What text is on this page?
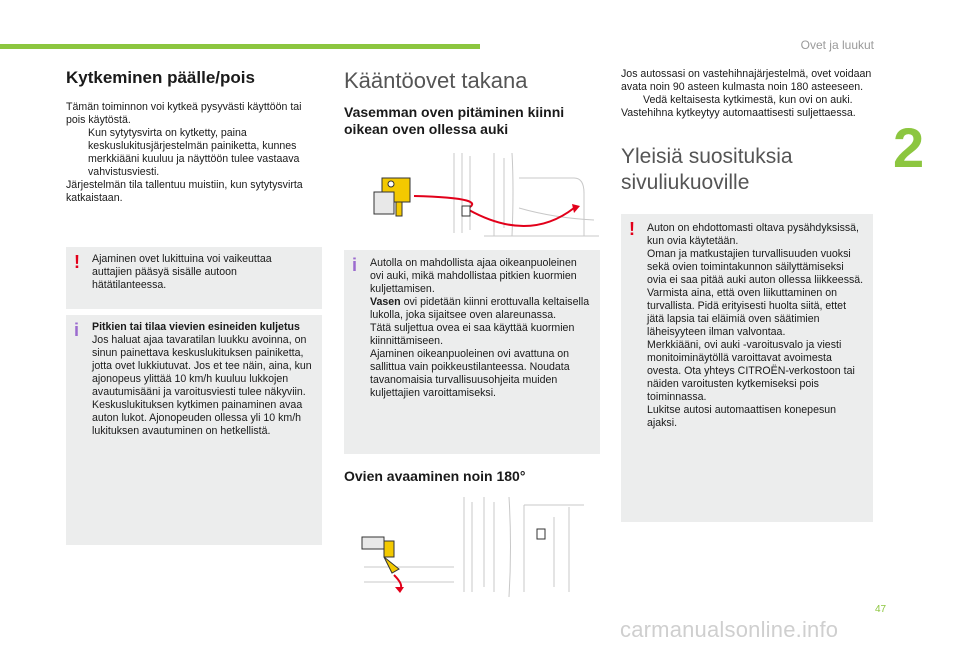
Ovet ja luukut
2
47
carmanualsonline.info
Kytkeminen päälle/pois

Tämän toiminnon voi kytkeä pysyvästi käyttöön tai pois käytöstä.

Kun sytytysvirta on kytketty, paina keskuslukitusjärjestelmän painiketta, kunnes merkkiääni kuuluu ja näyttöön tulee vastaava vahvistusviesti.

Järjestelmän tila tallentuu muistiin, kun sytytysvirta katkaistaan.

! Ajaminen ovet lukittuina voi vaikeuttaa auttajien pääsyä sisälle autoon hätätilanteessa.

i Pitkien tai tilaa vievien esineiden kuljetus

Jos haluat ajaa tavaratilan luukku avoinna, on sinun painettava keskuslukituksen painiketta, jotta ovet lukkiutuvat. Jos et tee näin, aina, kun ajonopeus ylittää 10 km/h kuuluu lukkojen avautumisääni ja varoitusviesti tulee näkyviin. Keskuslukituksen kytkimen painaminen avaa auton lukot. Ajonopeuden ollessa yli 10 km/h lukituksen avautuminen on hetkellistä.

Kääntöovet takana
Vasemman oven pitäminen kiinni oikean oven ollessa auki
i Autolla on mahdollista ajaa oikeanpuoleinen ovi auki, mikä mahdollistaa pitkien kuormien kuljettamisen.

Vasen ovi pidetään kiinni erottuvalla keltaisella lukolla, joka sijaitsee oven alareunassa.

Tätä suljettua ovea ei saa käyttää kuormien kiinnittämiseen.

Ajaminen oikeanpuoleinen ovi avattuna on sallittua vain poikkeustilanteessa. Noudata tavanomaisia turvallisuusohjeita muiden kuljettajien varoittamiseksi.

Ovien avaaminen noin 180°

Jos autossasi on vastehihnajärjestelmä, ovet voidaan avata noin 90 asteen kulmasta noin 180 asteeseen.

Vedä keltaisesta kytkimestä, kun ovi on auki.

Vastehihna kytkeytyy automaattisesti suljettaessa.

Yleisiä suosituksia sivuliukuoville
! Auton on ehdottomasti oltava pysähdyksissä, kun ovia käytetään.

Oman ja matkustajien turvallisuuden vuoksi sekä ovien toimintakunnon säilyttämiseksi ovia ei saa pitää auki auton ollessa liikkeessä.

Varmista aina, että oven liikuttaminen on turvallista. Pidä erityisesti huolta siitä, ettet jätä lapsia tai eläimiä oven säätimien läheisyyteen ilman valvontaa.

Merkkiääni, ovi auki -varoitusvalo ja viesti monitoiminäytöllä varoittavat avoimesta ovesta. Ota yhteys CITROËN-verkostoon tai näiden varoitusten kytkemiseksi pois toiminnassa.

Lukitse autosi automaattisen konepesun ajaksi.
